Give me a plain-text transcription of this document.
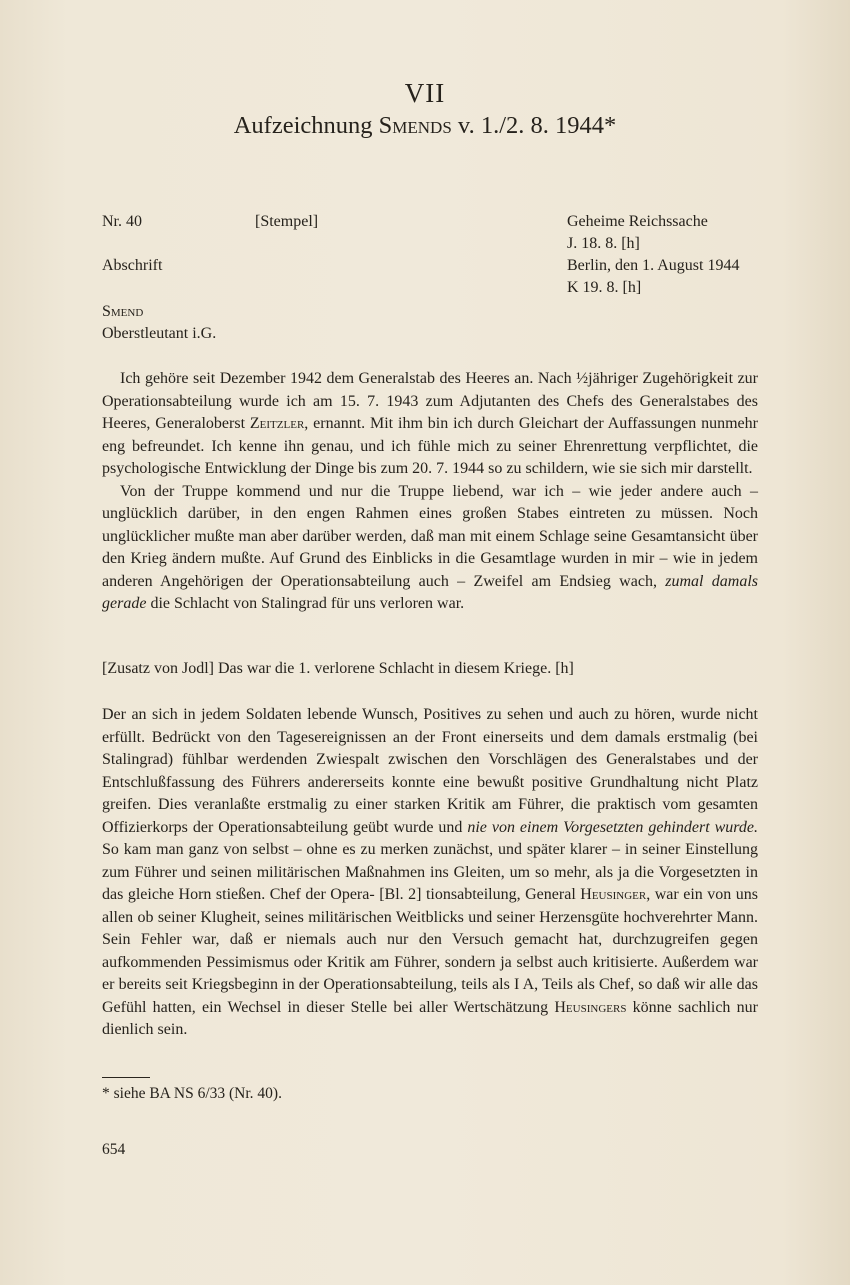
VII
Aufzeichnung Smends v. 1./2. 8. 1944*
Nr. 40	[Stempel]	Geheime Reichssache
J. 18. 8. [h]
Abschrift	Berlin, den 1. August 1944
K 19. 8. [h]
Smend
Oberstleutant i.G.

Ich gehöre seit Dezember 1942 dem Generalstab des Heeres an. Nach ½jähriger Zugehörigkeit zur Operationsabteilung wurde ich am 15. 7. 1943 zum Adjutanten des Chefs des Generalstabes des Heeres, Generaloberst Zeitzler, ernannt. Mit ihm bin ich durch Gleichart der Auffassungen nunmehr eng befreundet. Ich kenne ihn genau, und ich fühle mich zu seiner Ehrenrettung verpflichtet, die psychologische Entwicklung der Dinge bis zum 20. 7. 1944 so zu schildern, wie sie sich mir darstellt.

Von der Truppe kommend und nur die Truppe liebend, war ich – wie jeder andere auch – unglücklich darüber, in den engen Rahmen eines großen Stabes eintreten zu müssen. Noch unglücklicher mußte man aber darüber werden, daß man mit einem Schlage seine Gesamtansicht über den Krieg ändern mußte. Auf Grund des Einblicks in die Gesamtlage wurden in mir – wie in jedem anderen Angehörigen der Operationsabteilung auch – Zweifel am Endsieg wach, zumal damals gerade die Schlacht von Stalingrad für uns verloren war.

[Zusatz von Jodl] Das war die 1. verlorene Schlacht in diesem Kriege. [h]

Der an sich in jedem Soldaten lebende Wunsch, Positives zu sehen und auch zu hören, wurde nicht erfüllt. Bedrückt von den Tagesereignissen an der Front einerseits und dem damals erstmalig (bei Stalingrad) fühlbar werdenden Zwiespalt zwischen den Vorschlägen des Generalstabes und der Entschlußfassung des Führers andererseits konnte eine bewußt positive Grundhaltung nicht Platz greifen. Dies veranlaßte erstmalig zu einer starken Kritik am Führer, die praktisch vom gesamten Offizierkorps der Operationsabteilung geübt wurde und nie von einem Vorgesetzten gehindert wurde. So kam man ganz von selbst – ohne es zu merken zunächst, und später klarer – in seiner Einstellung zum Führer und seinen militärischen Maßnahmen ins Gleiten, um so mehr, als ja die Vorgesetzten in das gleiche Horn stießen. Chef der Opera- [Bl. 2] tionsabteilung, General Heusinger, war ein von uns allen ob seiner Klugheit, seines militärischen Weitblicks und seiner Herzensgüte hochverehrter Mann. Sein Fehler war, daß er niemals auch nur den Versuch gemacht hat, durchzugreifen gegen aufkommenden Pessimismus oder Kritik am Führer, sondern ja selbst auch kritisierte. Außerdem war er bereits seit Kriegsbeginn in der Operationsabteilung, teils als I A, Teils als Chef, so daß wir alle das Gefühl hatten, ein Wechsel in dieser Stelle bei aller Wertschätzung Heusingers könne sachlich nur dienlich sein.

* siehe BA NS 6/33 (Nr. 40).
654
